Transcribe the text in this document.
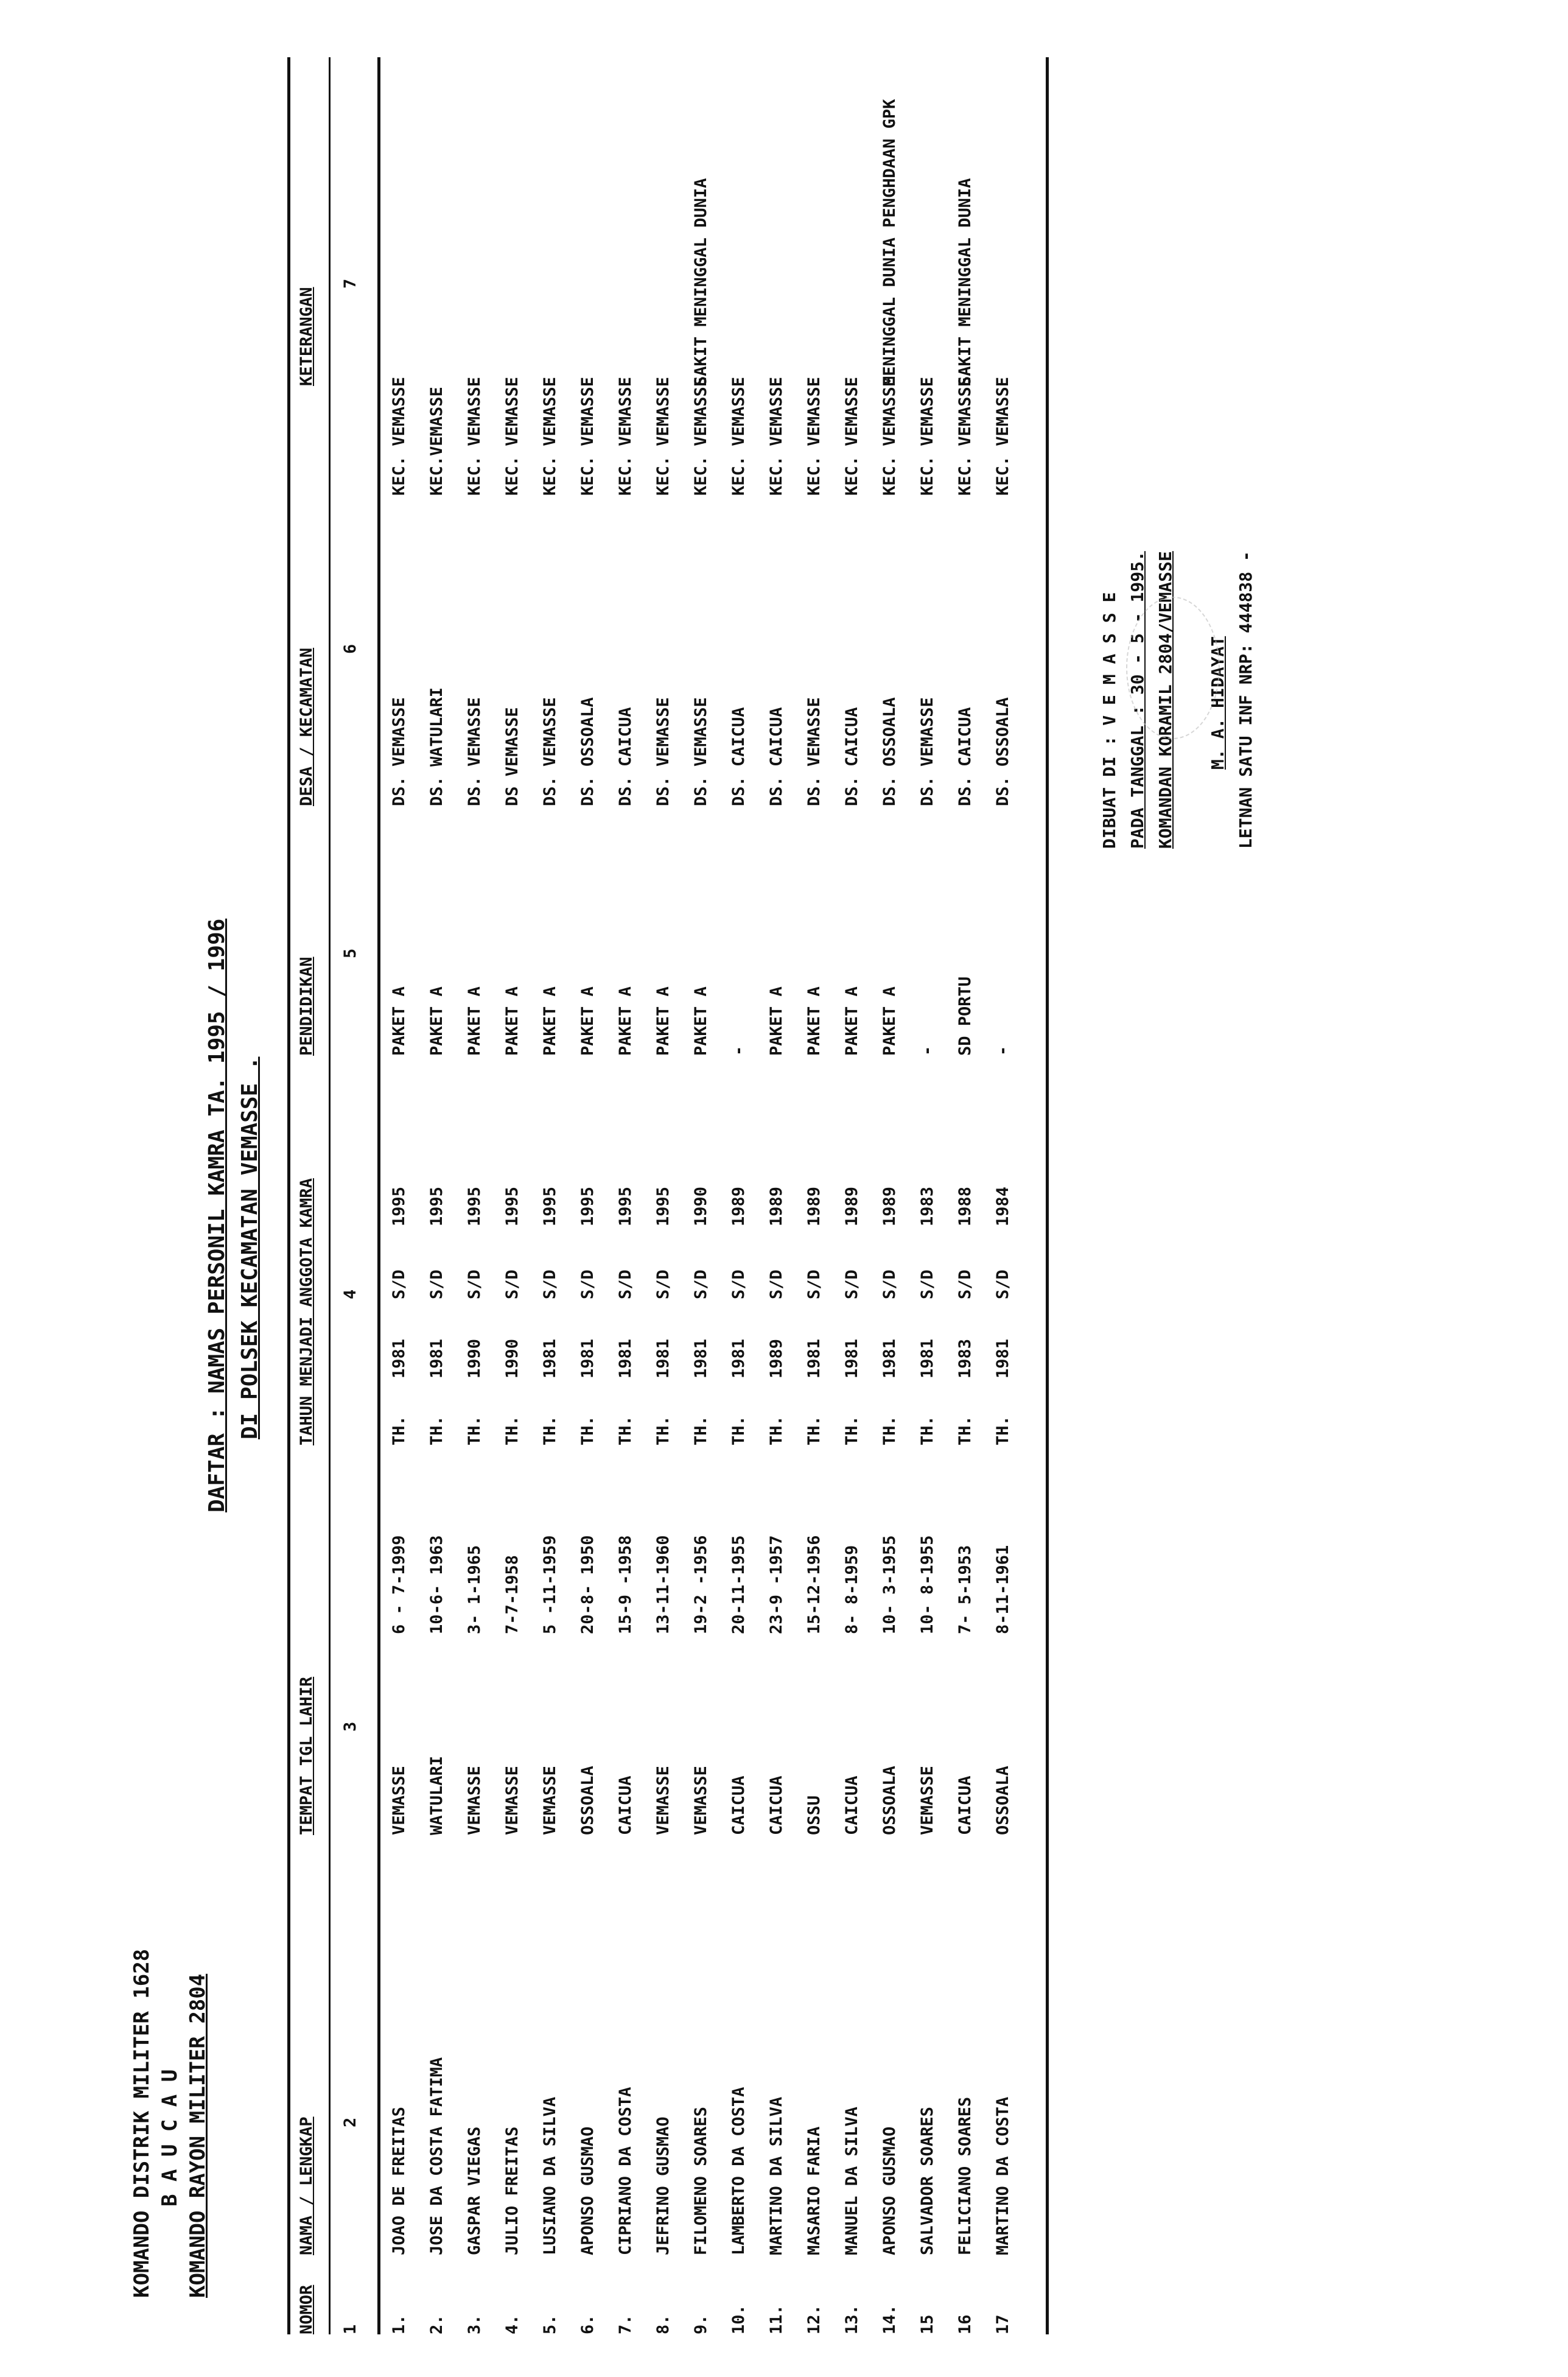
KOMANDO DISTRIK MILITER 1628 B A U C A U KOMANDO RAYON MILITER 2804
DAFTAR : NAMAS PERSONIL KAMRA TA. 1995 / 1996 DI POLSEK KECAMATAN VEMASSE .

NOMOR

NAMA / LENGKAP

TEMPAT TGL LAHIR

TAHUN MENJADI ANGGOTA KAMRA

PENDIDIKAN

DESA / KECAMATAN

KETERANGAN

1

2

3

4

5

6

7

1.
JOAO DE FREITAS
VEMASSE
6 - 7-1999
TH.
1981
S/D
1995
PAKET A
DS. VEMASSE
KEC. VEMASSE
2.
JOSE DA COSTA FATIMA
WATULARI
10-6- 1963
TH.
1981
S/D
1995
PAKET A
DS. WATULARI
KEC.VEMASSE
3.
GASPAR VIEGAS
VEMASSE
3- 1-1965
TH.
1990
S/D
1995
PAKET A
DS. VEMASSE
KEC. VEMASSE
4.
JULIO FREITAS
VEMASSE
7-7-1958
TH.
1990
S/D
1995
PAKET A
DS VEMASSE
KEC. VEMASSE
5.
LUSIANO DA SILVA
VEMASSE
5 -11-1959
TH.
1981
S/D
1995
PAKET A
DS. VEMASSE
KEC. VEMASSE
6.
APONSO GUSMAO
OSSOALA
20-8- 1950
TH.
1981
S/D
1995
PAKET A
DS. OSSOALA
KEC. VEMASSE
7.
CIPRIANO DA COSTA
CAICUA
15-9 -1958
TH.
1981
S/D
1995
PAKET A
DS. CAICUA
KEC. VEMASSE
8.
JEFRINO GUSMAO
VEMASSE
13-11-1960
TH.
1981
S/D
1995
PAKET A
DS. VEMASSE
KEC. VEMASSE
9.
FILOMENO SOARES
VEMASSE
19-2 -1956
TH.
1981
S/D
1990
PAKET A
DS. VEMASSE
KEC. VEMASSE
SAKIT MENINGGAL DUNIA
10.
LAMBERTO DA COSTA
CAICUA
20-11-1955
TH.
1981
S/D
1989
-
DS. CAICUA
KEC. VEMASSE
11.
MARTINO DA SILVA
CAICUA
23-9 -1957
TH.
1989
S/D
1989
PAKET A
DS. CAICUA
KEC. VEMASSE
12.
MASARIO FARIA
OSSU
15-12-1956
TH.
1981
S/D
1989
PAKET A
DS. VEMASSE
KEC. VEMASSE
13.
MANUEL DA SILVA
CAICUA
8- 8-1959
TH.
1981
S/D
1989
PAKET A
DS. CAICUA
KEC. VEMASSE
14.
APONSO GUSMAO
OSSOALA
10- 3-1955
TH.
1981
S/D
1989
PAKET A
DS. OSSOALA
KEC. VEMASSE
MENINGGAL DUNIA PENGHDAAN GPK
15
SALVADOR SOARES
VEMASSE
10- 8-1955
TH.
1981
S/D
1983
-
DS. VEMASSE
KEC. VEMASSE
16
FELICIANO SOARES
CAICUA
7- 5-1953
TH.
1983
S/D
1988
SD PORTU
DS. CAICUA
KEC. VEMASSE
SAKIT MENINGGAL DUNIA
17
MARTINO DA COSTA
OSSOALA
8-11-1961
TH.
1981
S/D
1984
-
DS. OSSOALA
KEC. VEMASSE
DIBUAT DI : V E M A S S E PADA TANGGAL : 30 - 5 - 1995. KOMANDAN KORAMIL 2804/VEMASSE M. A. HIDAYAT LETNAN SATU INF NRP: 444838 -
